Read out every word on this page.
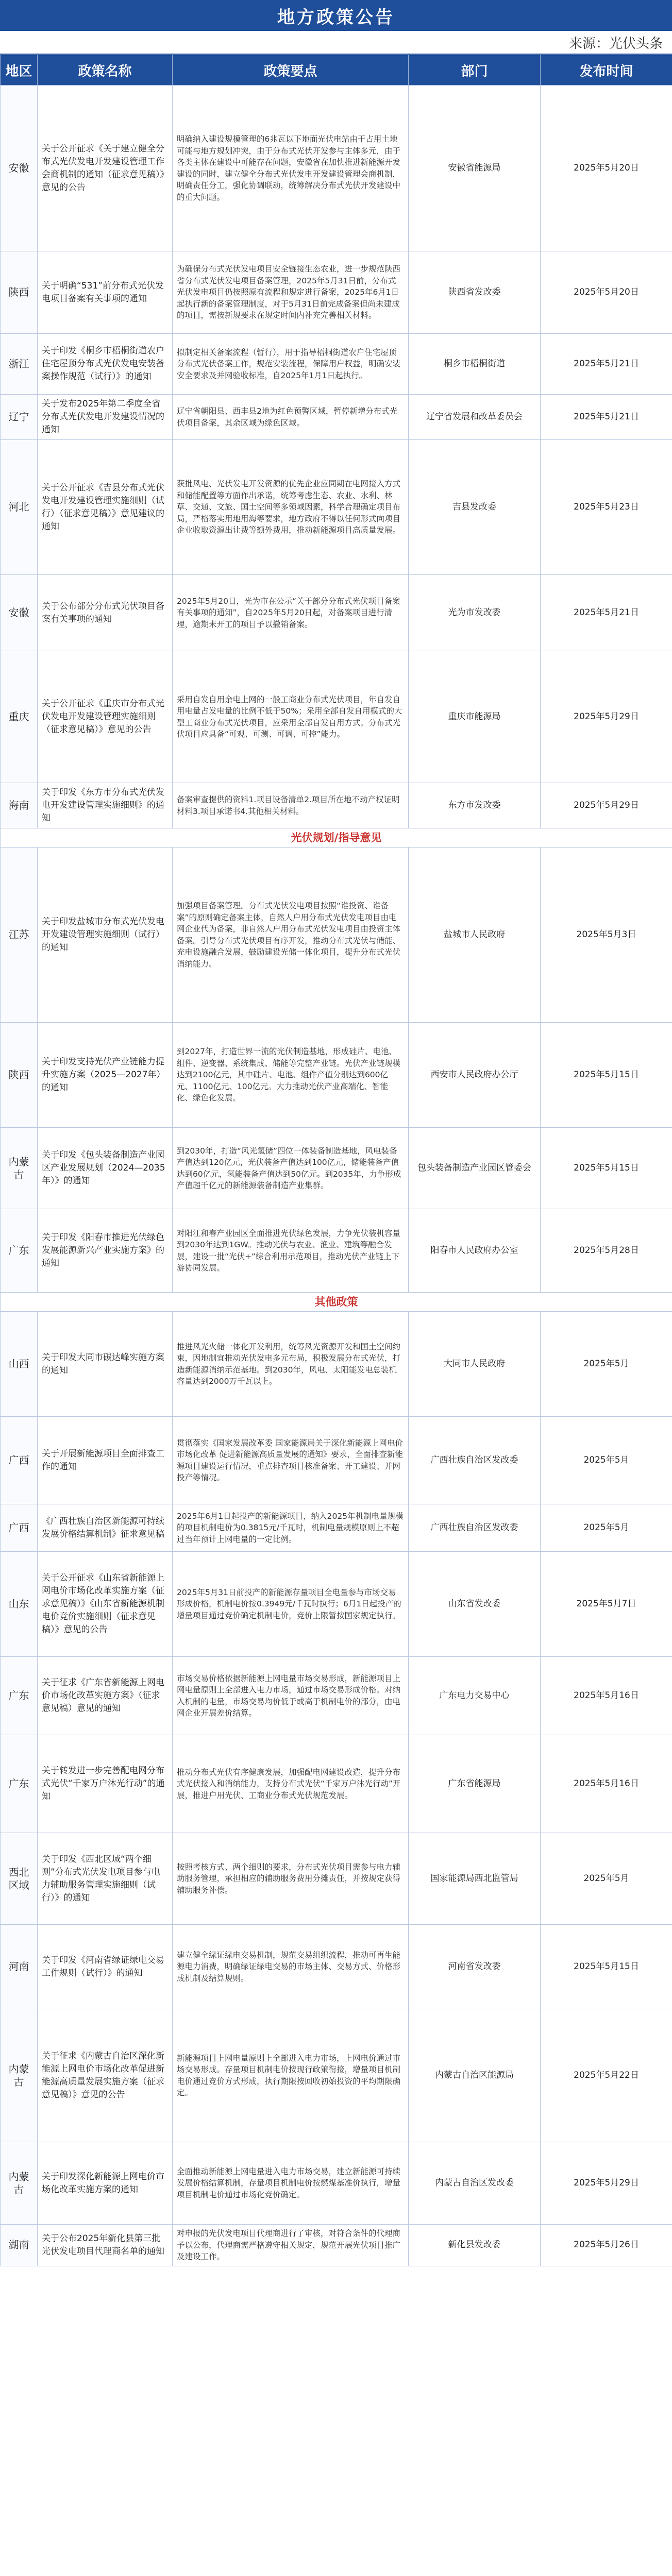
地方政策公告
来源：光伏头条
地区	政策名称	政策要点	部门	发布时间
安徽	关于公开征求《关于建立健全分布式光伏发电开发建设管理工作会商机制的通知（征求意见稿）》意见的公告	明确纳入建设规模管理的6兆瓦以下地面光伏电站由于占用土地可能与地方规划冲突，由于分布式光伏开发参与主体多元，由于各类主体在建设中可能存在问题，安徽省在加快推进新能源开发建设的同时，建立健全分布式光伏发电开发建设管理会商机制，明确责任分工，强化协调联动，统筹解决分布式光伏开发建设中的重大问题。	安徽省能源局	2025年5月20日
陕西	关于明确“531”前分布式光伏发电项目备案有关事项的通知	为确保分布式光伏发电项目安全链接生态农业，进一步规范陕西省分布式光伏发电项目备案管理，2025年5月31日前，分布式光伏发电项目仍按照原有流程和规定进行备案，2025年6月1日起执行新的备案管理制度，对于5月31日前完成备案但尚未建成的项目，需按新规要求在规定时间内补充完善相关材料。	陕西省发改委	2025年5月20日
浙江	关于印发《桐乡市梧桐街道农户住宅屋顶分布式光伏发电安装备案操作规范（试行）》的通知	拟制定相关备案流程（暂行），用于指导梧桐街道农户住宅屋顶分布式光伏备案工作，规范安装流程，保障用户权益，明确安装安全要求及并网验收标准，自2025年1月1日起执行。	桐乡市梧桐街道	2025年5月21日
辽宁	关于发布2025年第二季度全省分布式光伏发电开发建设情况的通知	辽宁省朝阳县、西丰县2地为红色预警区域，暂停新增分布式光伏项目备案，其余区域为绿色区域。	辽宁省发展和改革委员会	2025年5月21日
河北	关于公开征求《吉县分布式光伏发电开发建设管理实施细则（试行）（征求意见稿）》意见建议的通知	获批风电、光伏发电开发资源的优先企业应同期在电网接入方式和储能配置等方面作出承诺，统筹考虑生态、农业、水利、林草、交通、文旅、国土空间等多领域因素，科学合理确定项目布局，严格落实用地用海等要求，地方政府不得以任何形式向项目企业收取资源出让费等额外费用，推动新能源项目高质量发展。	吉县发改委	2025年5月23日
安徽	关于公布部分分布式光伏项目备案有关事项的通知	2025年5月20日，光为市在公示“关于部分分布式光伏项目备案有关事项的通知”，自2025年5月20日起，对备案项目进行清理，逾期未开工的项目予以撤销备案。	光为市发改委	2025年5月21日
重庆	关于公开征求《重庆市分布式光伏发电开发建设管理实施细则（征求意见稿）》意见的公告	采用自发自用余电上网的一般工商业分布式光伏项目，年自发自用电量占发电量的比例不低于50%；采用全部自发自用模式的大型工商业分布式光伏项目，应采用全部自发自用方式。分布式光伏项目应具备“可观、可测、可调、可控”能力。	重庆市能源局	2025年5月29日
海南	关于印发《东方市分布式光伏发电开发建设管理实施细则》的通知	备案审查提供的资料1.项目设备清单2.项目所在地不动产权证明材料3.项目承诺书4.其他相关材料。	东方市发改委	2025年5月29日
光伏规划/指导意见				
江苏	关于印发盐城市分布式光伏发电开发建设管理实施细则（试行）的通知	加强项目备案管理。分布式光伏发电项目按照“谁投资、谁备案”的原则确定备案主体，自然人户用分布式光伏发电项目由电网企业代为备案，非自然人户用分布式光伏发电项目由投资主体备案。引导分布式光伏项目有序开发，推动分布式光伏与储能、充电设施融合发展，鼓励建设光储一体化项目，提升分布式光伏消纳能力。	盐城市人民政府	2025年5月3日
陕西	关于印发支持光伏产业链能力提升实施方案（2025—2027年）的通知	到2027年，打造世界一流的光伏制造基地，形成硅片、电池、组件、逆变器、系统集成、储能等完整产业链。光伏产业链规模达到2100亿元，其中硅片、电池、组件产值分别达到600亿元、1100亿元、100亿元。大力推动光伏产业高端化、智能化、绿色化发展。	西安市人民政府办公厅	2025年5月15日
内蒙古	关于印发《包头装备制造产业园区产业发展规划（2024—2035年）》的通知	到2030年，打造“风光氢储”四位一体装备制造基地，风电装备产值达到120亿元，光伏装备产值达到100亿元，储能装备产值达到60亿元，氢能装备产值达到50亿元。到2035年，力争形成产值超千亿元的新能源装备制造产业集群。	包头装备制造产业园区管委会	2025年5月15日
广东	关于印发《阳春市推进光伏绿色发展能源新兴产业实施方案》的通知	对阳江和春产业园区全面推进光伏绿色发展，力争光伏装机容量到2030年达到1GW。推动光伏与农业、渔业、建筑等融合发展，建设一批“光伏+”综合利用示范项目，推动光伏产业链上下游协同发展。	阳春市人民政府办公室	2025年5月28日
其他政策				
山西	关于印发大同市碳达峰实施方案的通知	推进风光火储一体化开发利用，统筹风光资源开发和国土空间约束，因地制宜推动光伏发电多元布局，积极发展分布式光伏，打造新能源消纳示范基地。到2030年，风电、太阳能发电总装机容量达到2000万千瓦以上。	大同市人民政府	2025年5月
广西	关于开展新能源项目全面排查工作的通知	贯彻落实《国家发展改革委 国家能源局关于深化新能源上网电价市场化改革 促进新能源高质量发展的通知》要求，全面排查新能源项目建设运行情况，重点排查项目核准备案、开工建设、并网投产等情况。	广西壮族自治区发改委	2025年5月
广西	《广西壮族自治区新能源可持续发展价格结算机制》征求意见稿	2025年6月1日起投产的新能源项目，纳入2025年机制电量规模的项目机制电价为0.3815元/千瓦时，机制电量规模原则上不超过当年预计上网电量的一定比例。	广西壮族自治区发改委	2025年5月
山东	关于公开征求《山东省新能源上网电价市场化改革实施方案（征求意见稿）》《山东省新能源机制电价竞价实施细则（征求意见稿）》意见的公告	2025年5月31日前投产的新能源存量项目全电量参与市场交易形成价格，机制电价按0.3949元/千瓦时执行；6月1日起投产的增量项目通过竞价确定机制电价，竞价上限暂按国家规定执行。	山东省发改委	2025年5月7日
广东	关于征求《广东省新能源上网电价市场化改革实施方案》（征求意见稿）意见的通知	市场交易价格依据新能源上网电量市场交易形成，新能源项目上网电量原则上全部进入电力市场，通过市场交易形成价格。对纳入机制的电量，市场交易均价低于或高于机制电价的部分，由电网企业开展差价结算。	广东电力交易中心	2025年5月16日
广东	关于转发进一步完善配电网分布式光伏“千家万户沐光行动”的通知	推动分布式光伏有序健康发展，加强配电网建设改造，提升分布式光伏接入和消纳能力，支持分布式光伏“千家万户沐光行动”开展，推进户用光伏、工商业分布式光伏规范发展。	广东省能源局	2025年5月16日
西北区域	关于印发《西北区域“两个细则”分布式光伏发电项目参与电力辅助服务管理实施细则（试行）》的通知	按照考核方式、两个细则的要求，分布式光伏项目需参与电力辅助服务管理，承担相应的辅助服务费用分摊责任，并按规定获得辅助服务补偿。	国家能源局西北监管局	2025年5月
河南	关于印发《河南省绿证绿电交易工作规则（试行）》的通知	建立健全绿证绿电交易机制，规范交易组织流程，推动可再生能源电力消费，明确绿证绿电交易的市场主体、交易方式、价格形成机制及结算规则。	河南省发改委	2025年5月15日
内蒙古	关于征求《内蒙古自治区深化新能源上网电价市场化改革促进新能源高质量发展实施方案（征求意见稿）》意见的公告	新能源项目上网电量原则上全部进入电力市场，上网电价通过市场交易形成。存量项目机制电价按现行政策衔接，增量项目机制电价通过竞价方式形成，执行期限按回收初始投资的平均期限确定。	内蒙古自治区能源局	2025年5月22日
内蒙古	关于印发深化新能源上网电价市场化改革实施方案的通知	全面推动新能源上网电量进入电力市场交易，建立新能源可持续发展价格结算机制，存量项目机制电价按燃煤基准价执行，增量项目机制电价通过市场化竞价确定。	内蒙古自治区发改委	2025年5月29日
湖南	关于公布2025年新化县第三批光伏发电项目代理商名单的通知	对申报的光伏发电项目代理商进行了审核，对符合条件的代理商予以公布，代理商需严格遵守相关规定，规范开展光伏项目推广及建设工作。	新化县发改委	2025年5月26日
